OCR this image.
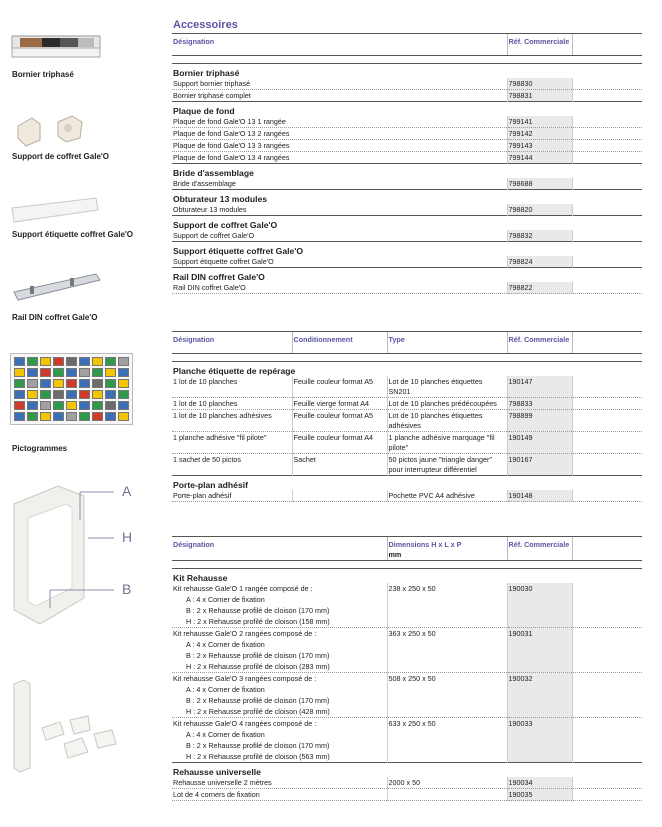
Bornier triphasé
Support de coffret Gale'O
Support étiquette coffret Gale'O
Rail DIN coffret Gale'O
Pictogrammes
A
H
B
Accessoires
Désignation	Réf. Commerciale	

Bornier triphasé		
Support bornier triphasé	798830	
Bornier triphasé complet	798831	
Plaque de fond		
Plaque de fond Gale'O 13 1 rangée	799141	
Plaque de fond Gale'O 13 2 rangées	799142	
Plaque de fond Gale'O 13 3 rangées	799143	
Plaque de fond Gale'O 13 4 rangées	799144	
Bride d'assemblage		
Bride d'assemblage	798688	
Obturateur 13 modules		
Obturateur 13 modules	798820	
Support de coffret Gale'O		
Support de coffret Gale'O	798832	
Support étiquette coffret Gale'O		
Support étiquette coffret Gale'O	798824	
Rail DIN coffret Gale'O		
Rail DIN coffret Gale'O	798822	
Désignation	Conditionnement	Type	Réf. Commerciale	

Planche étiquette de repérage				
1 lot de 10 planches	Feuille couleur format A5	Lot de 10 planches étiquettes SN201	190147	
1 lot de 10 planches	Feuille vierge format A4	Lot de 10 planches prédécoupées	798833	
1 lot de 10 planches adhésives	Feuille couleur format A5	Lot de 10 planches étiquettes adhésives	798899	
1 planche adhésive "fil pilote"	Feuille couleur format A4	1 planche adhésive marquage "fil pilote"	190149	
1 sachet de 50 pictos	Sachet	50 pictos jaune "triangle danger" pour interrupteur différentiel	190167	
Porte-plan adhésif				
Porte-plan adhésif		Pochette PVC A4 adhésive	190148	
Désignation	Dimensions H x L x P
mm	Réf. Commerciale	

Kit Rehausse			
Kit rehausse Gale'O 1 rangée composé de :	238 x 250 x 50	190030	
A : 4 x Corner de fixation			
B : 2 x Rehausse profilé de cloison (170 mm)			
H : 2 x Rehausse profilé de cloison (158 mm)			
Kit rehausse Gale'O 2 rangées composé de :	363 x 250 x 50	190031	
A : 4 x Corner de fixation			
B : 2 x Rehausse profilé de cloison (170 mm)			
H : 2 x Rehausse profilé de cloison (283 mm)			
Kit rehausse Gale'O 3 rangées composé de :	508 x 250 x 50	190032	
A : 4 x Corner de fixation			
B : 2 x Rehausse profilé de cloison (170 mm)			
H : 2 x Rehausse profilé de cloison (428 mm)			
Kit rehausse Gale'O 4 rangées composé de :	633 x 250 x 50	190033	
A : 4 x Corner de fixation			
B : 2 x Rehausse profilé de cloison (170 mm)			
H : 2 x Rehausse profilé de cloison (563 mm)			
Rehausse universelle			
Rehausse universelle 2 mètres	2000 x 50	190034	
Lot de 4 corners de fixation		190035	
